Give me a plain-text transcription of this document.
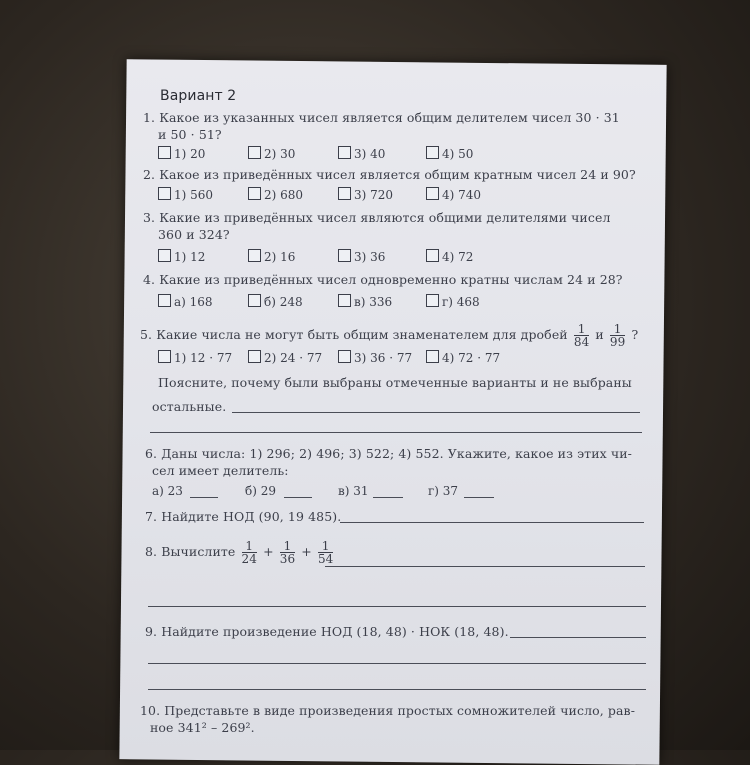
Вариант 2
1. Какое из указанных чисел является общим делителем чисел 30 · 31
и 50 · 51?
1) 20	2) 30	3) 40	4) 50
2. Какое из приведённых чисел является общим кратным чисел 24 и 90?
1) 560	2) 680	3) 720	4) 740
3. Какие из приведённых чисел являются общими делителями чисел
360 и 324?
1) 12	2) 16	3) 36	4) 72
4. Какие из приведённых чисел одновременно кратны числам 24 и 28?
а) 168	б) 248	в) 336	г) 468
5. Какие числа не могут быть общим знаменателем для дробей $\frac{1}{84}$ и $\frac{1}{99}$ ?
1) 12 · 77	2) 24 · 77	3) 36 · 77	4) 72 · 77
Поясните, почему были выбраны отмеченные варианты и не выбраны
остальные.
6. Даны числа: 1) 296; 2) 496; 3) 522; 4) 552. Укажите, какое из этих чи-
сел имеет делитель:
а) 23	б) 29	в) 31	г) 37
7. Найдите НОД (90, 19 485).
8. Вычислите $\frac{1}{24} + \frac{1}{36} + \frac{1}{54}$
9. Найдите произведение НОД (18, 48) · НОК (18, 48).
10. Представьте в виде произведения простых сомножителей число, рав-
ное 341² – 269².
